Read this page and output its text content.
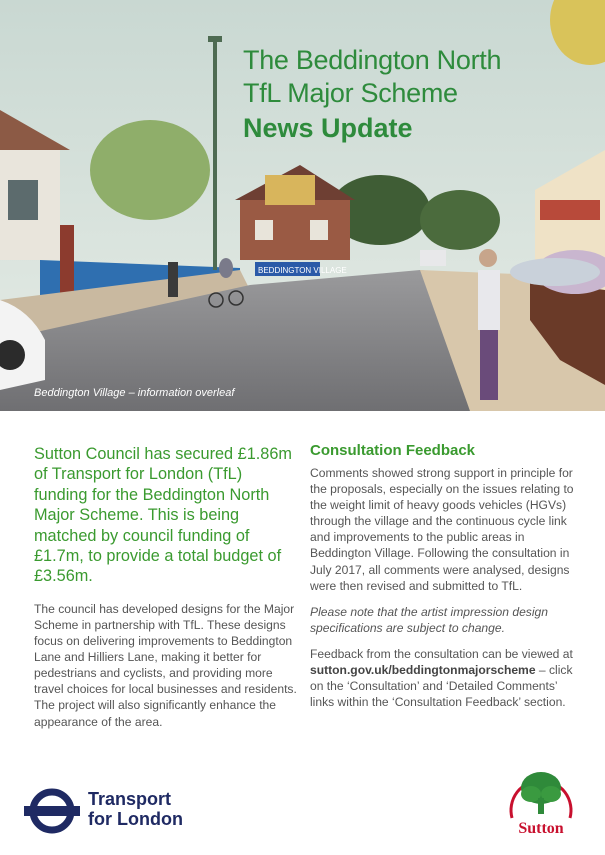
BEDDINGTON VILLAGE
The Beddington North
TfL Major Scheme
News Update
Beddington Village – information overleaf

Sutton Council has secured £1.86m of Transport for London (TfL) funding for the Beddington North Major Scheme. This is being matched by council funding of £1.7m, to provide a total budget of £3.56m.

The council has developed designs for the Major Scheme in partnership with TfL. These designs focus on delivering improvements to Beddington Lane and Hilliers Lane, making it better for pedestrians and cyclists, and providing more travel choices for local businesses and residents. The project will also significantly enhance the appearance of the area.

Consultation Feedback

Comments showed strong support in principle for the proposals, especially on the issues relating to the weight limit of heavy goods vehicles (HGVs) through the village and the continuous cycle link and improvements to the public areas in Beddington Village. Following the consultation in July 2017, all comments were analysed, designs were then revised and submitted to TfL.

Please note that the artist impression design specifications are subject to change.

Feedback from the consultation can be viewed at sutton.gov.uk/beddingtonmajorscheme – click on the ‘Consultation’ and ‘Detailed Comments’ links within the ‘Consultation Feedback’ section.

Transport
for London	Sutton
